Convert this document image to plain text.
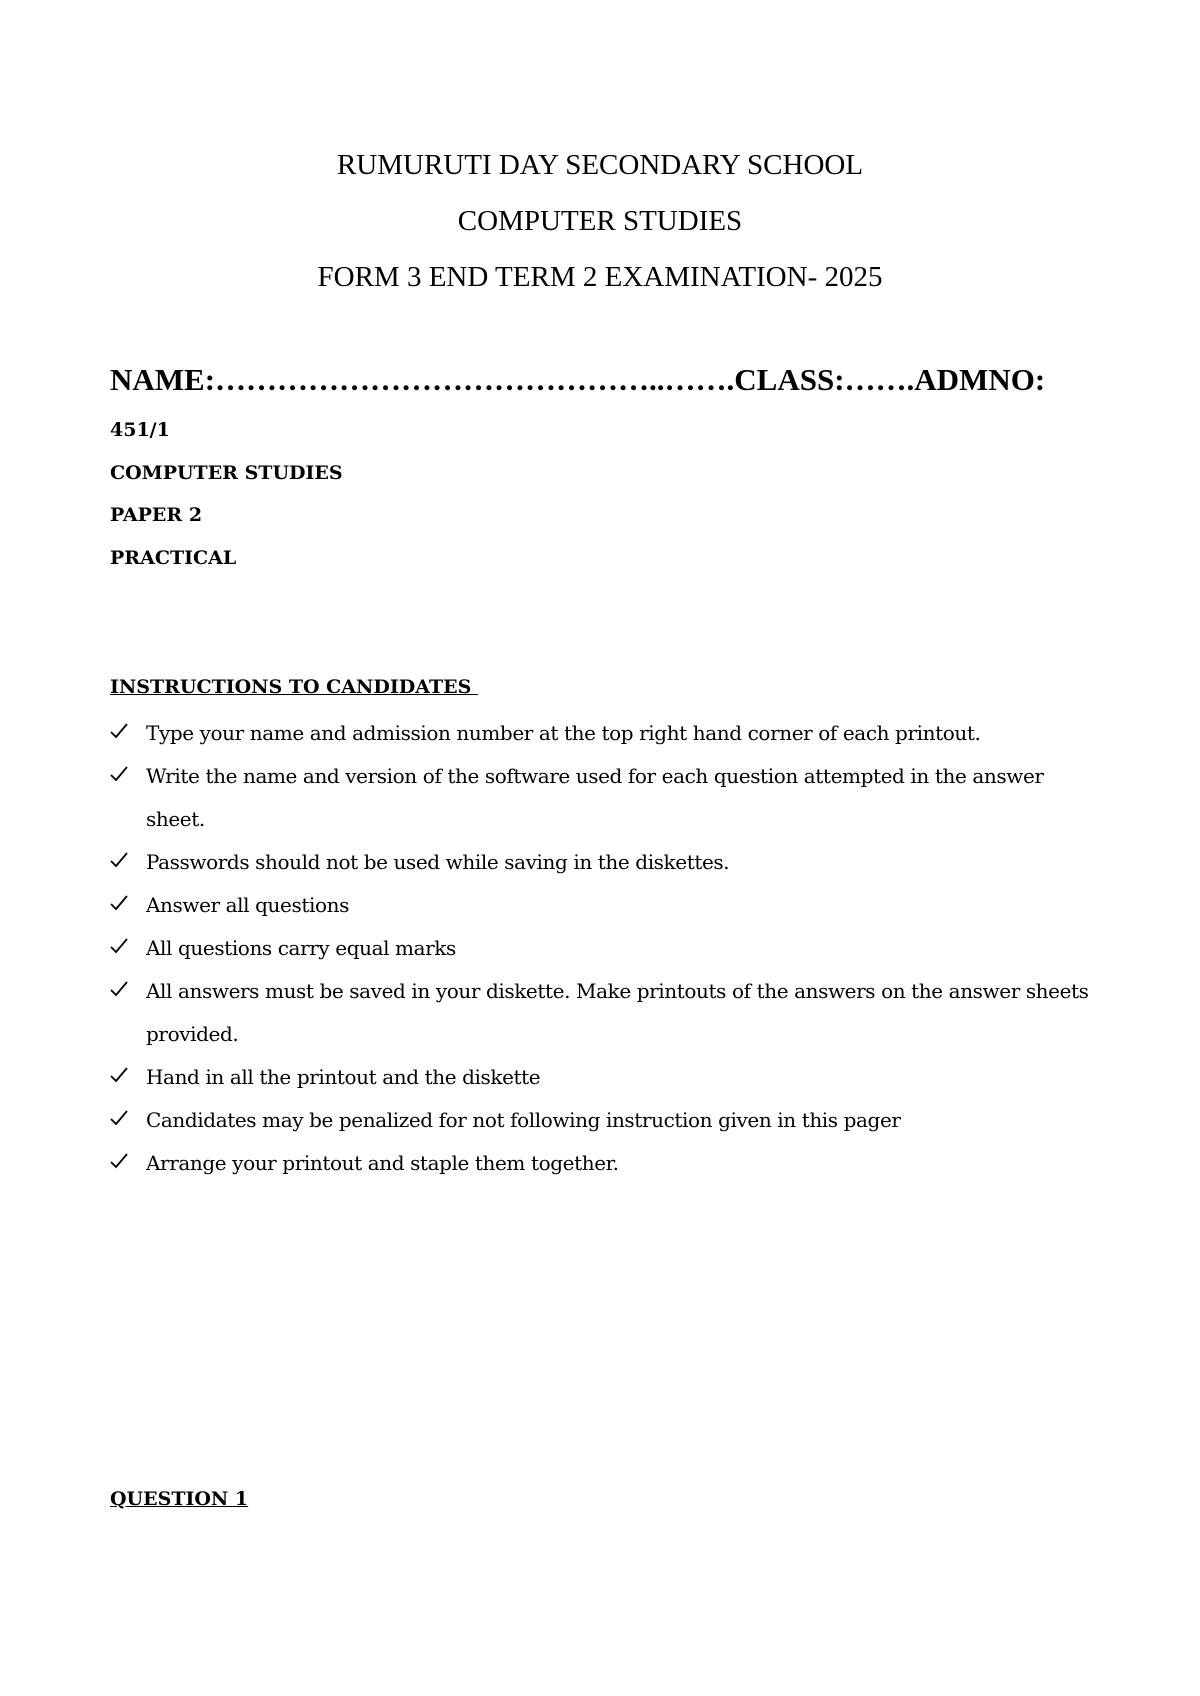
RUMURUTI DAY SECONDARY SCHOOL
COMPUTER STUDIES
FORM 3 END TERM 2 EXAMINATION- 2025
NAME:……………………………………..…….CLASS:…….ADMNO:
451/1
COMPUTER STUDIES
PAPER 2
PRACTICAL
INSTRUCTIONS TO CANDIDATES
Type your name and admission number at the top right hand corner of each printout.
Write the name and version of the software used for each question attempted in the answer sheet.
Passwords should not be used while saving in the diskettes.
Answer all questions
All questions carry equal marks
All answers must be saved in your diskette. Make printouts of the answers on the answer sheets provided.
Hand in all the printout and the diskette
Candidates may be penalized for not following instruction given in this pager
Arrange your printout and staple them together.
QUESTION 1
